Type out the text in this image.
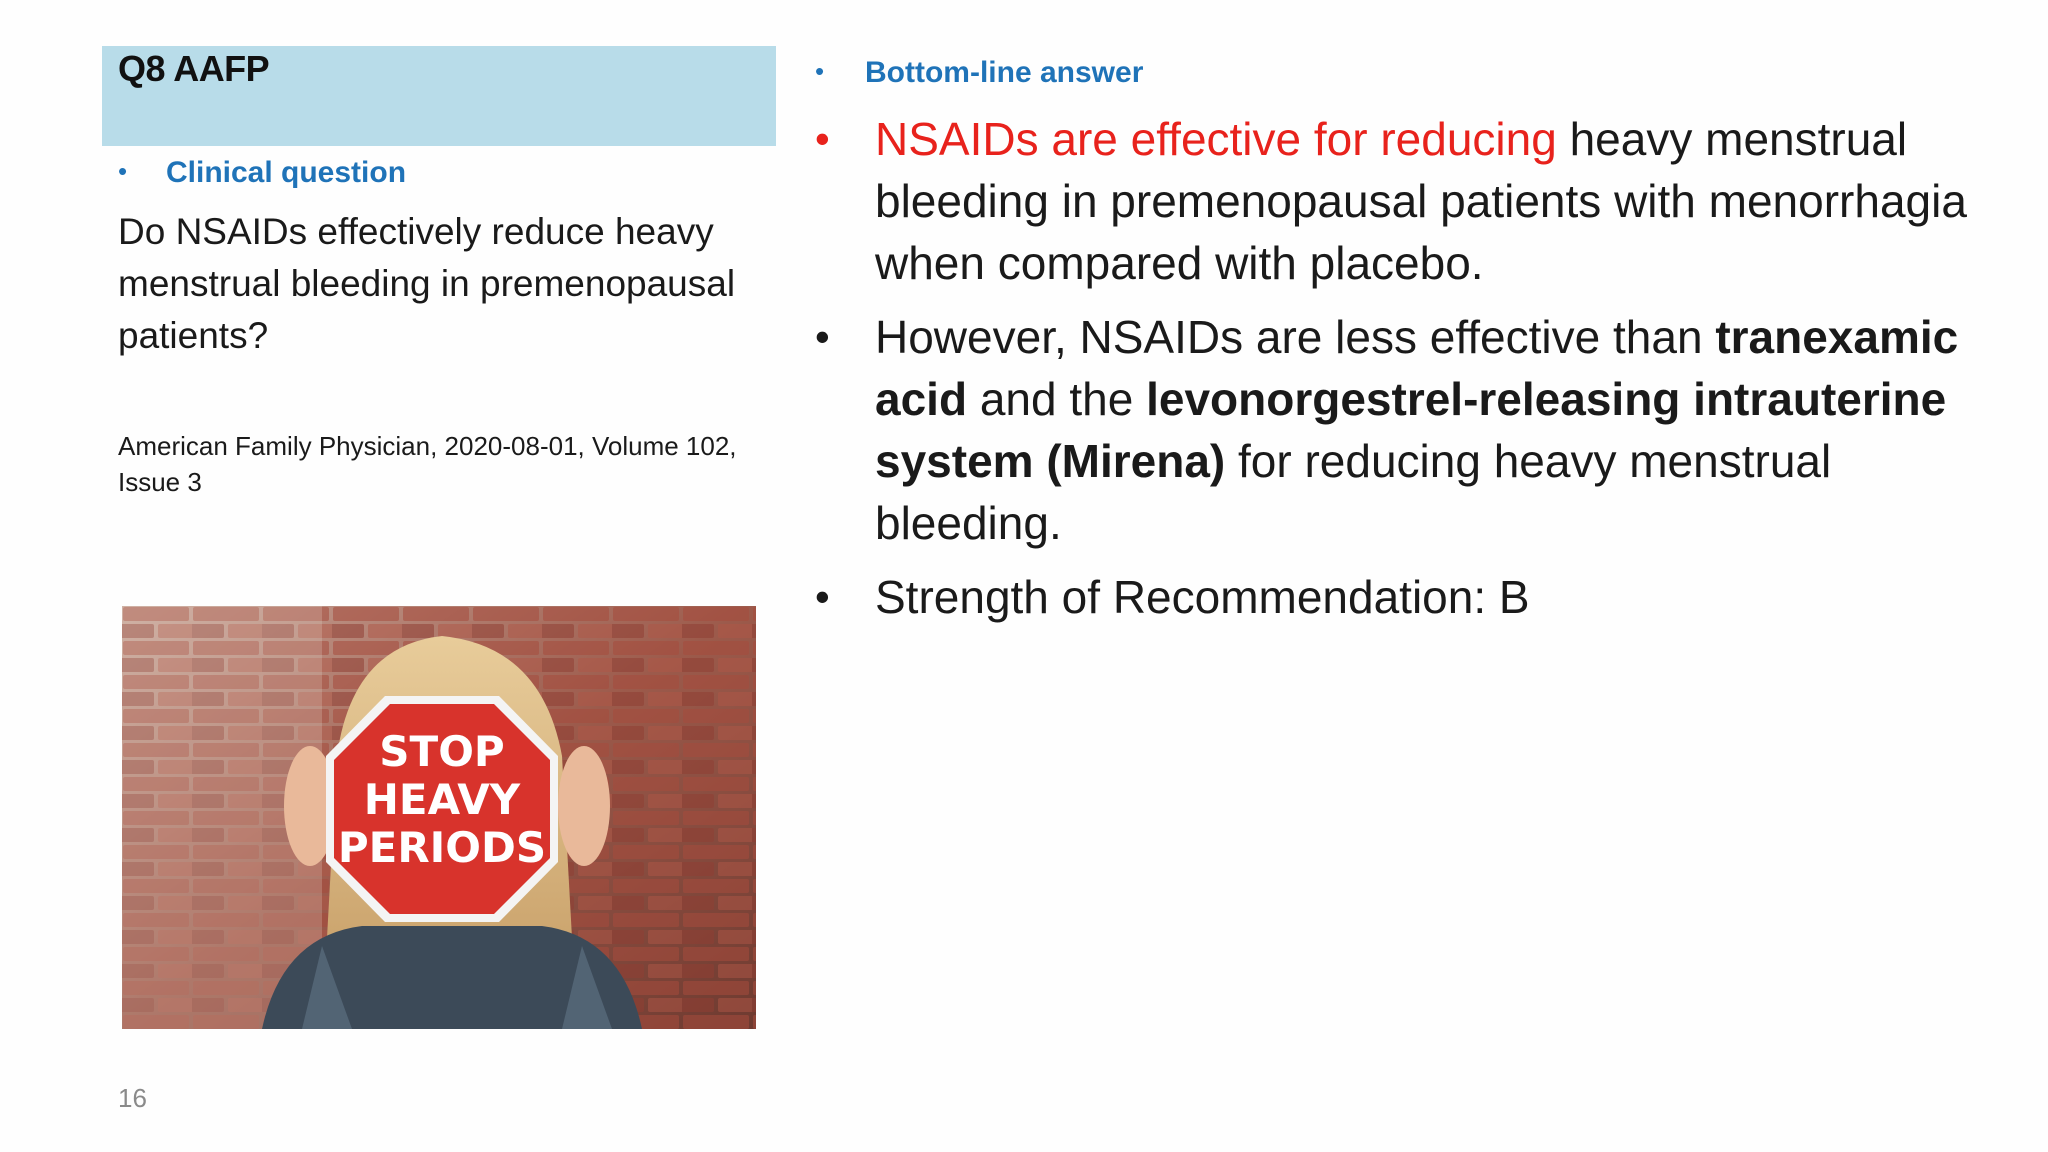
Q8 AAFP
• Clinical question
Do NSAIDs effectively reduce heavy menstrual bleeding in premenopausal patients?
American Family Physician, 2020-08-01, Volume 102, Issue 3
STOP
HEAVY
PERIODS
16
• Bottom-line answer
• NSAIDs are effective for reducing heavy menstrual bleeding in premenopausal patients with menorrhagia when compared with placebo.
• However, NSAIDs are less effective than tranexamic acid and the levonorgestrel-releasing intrauterine system (Mirena) for reducing heavy menstrual bleeding.
• Strength of Recommendation: B
